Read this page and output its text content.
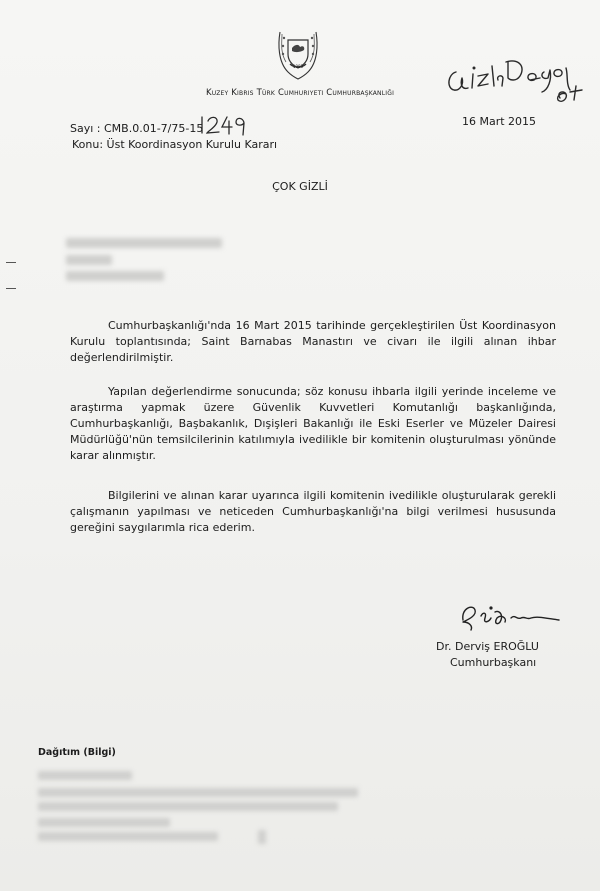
1983
Kuzey Kıbrıs Türk Cumhuriyeti Cumhurbaşkanlığı
Sayı : CMB.0.01-7/75-15
Konu: Üst Koordinasyon Kurulu Kararı
16 Mart 2015
ÇOK GİZLİ
Cumhurbaşkanlığı'nda 16 Mart 2015 tarihinde gerçekleştirilen Üst Koordinasyon Kurulu toplantısında; Saint Barnabas Manastırı ve civarı ile ilgili alınan ihbar değerlendirilmiştir.
Yapılan değerlendirme sonucunda; söz konusu ihbarla ilgili yerinde inceleme ve araştırma yapmak üzere Güvenlik Kuvvetleri Komutanlığı başkanlığında, Cumhurbaşkanlığı, Başbakanlık, Dışişleri Bakanlığı ile Eski Eserler ve Müzeler Dairesi Müdürlüğü'nün temsilcilerinin katılımıyla ivedilikle bir komitenin oluşturulması yönünde karar alınmıştır.
Bilgilerini ve alınan karar uyarınca ilgili komitenin ivedilikle oluşturularak gerekli çalışmanın yapılması ve neticeden Cumhurbaşkanlığı'na bilgi verilmesi hususunda gereğini saygılarımla rica ederim.
Dr. Derviş EROĞLU
Cumhurbaşkanı
Dağıtım (Bilgi)
